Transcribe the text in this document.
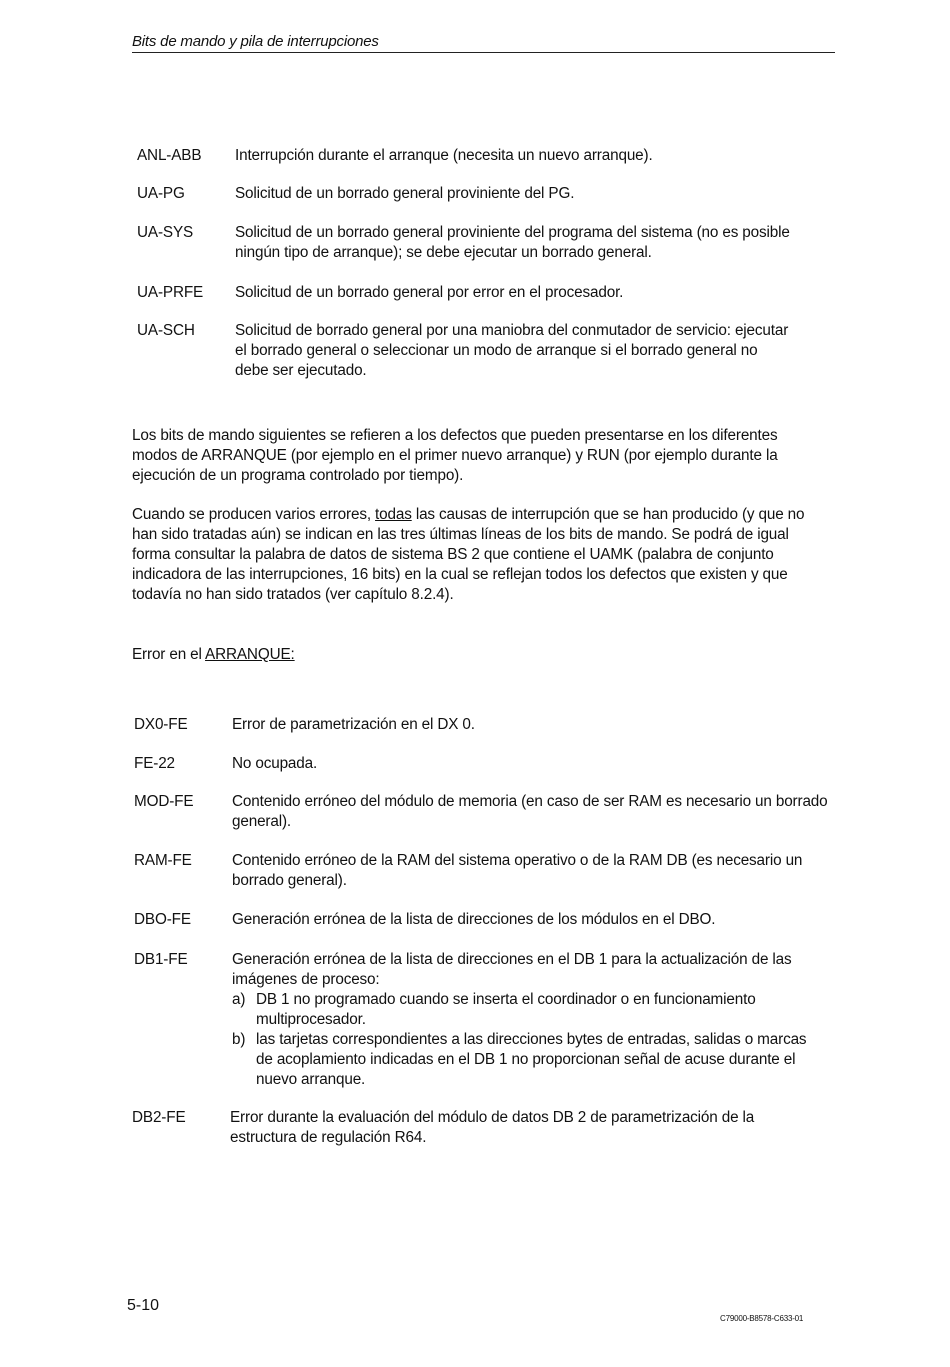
Bits de mando y pila de interrupciones
ANL-ABB Interrupción durante el arranque (necesita un nuevo arranque).
UA-PG	Solicitud de un borrado general proviniente del PG.
UA-SYS	Solicitud de un borrado general proviniente del programa del sistema (no es posible ningún tipo de arranque); se debe ejecutar un borrado general.
UA-PRFE Solicitud de un borrado general por error en el procesador.
UA-SCH	Solicitud de borrado general por una maniobra del conmutador de servicio: ejecutar el borrado general o seleccionar un modo de arranque si el borrado general no debe ser ejecutado.

Los bits de mando siguientes se refieren a los defectos que pueden presentarse en los diferentes modos de ARRANQUE (por ejemplo en el primer nuevo arranque) y RUN (por ejemplo durante la ejecución de un programa controlado por tiempo).

Cuando se producen varios errores, todas las causas de interrupción que se han producido (y que no han sido tratadas aún) se indican en las tres últimas líneas de los bits de mando. Se podrá de igual forma consultar la palabra de datos de sistema BS 2 que contiene el UAMK (palabra de conjunto indicadora de las interrupciones, 16 bits) en la cual se reflejan todos los defectos que existen y que todavía no han sido tratados (ver capítulo 8.2.4).

Error en el ARRANQUE:
DX0-FE	Error de parametrización en el DX 0.
FE-22	No ocupada.
MOD-FE	Contenido erróneo del módulo de memoria (en caso de ser RAM es necesario un borrado general).
RAM-FE	Contenido erróneo de la RAM del sistema operativo o de la RAM DB (es necesario un borrado general).
DBO-FE	Generación errónea de la lista de direcciones de los módulos en el DBO.
DB1-FE	Generación errónea de la lista de direcciones en el DB 1 para la actualización de las imágenes de proceso:
a) DB 1 no programado cuando se inserta el coordinador o en funcionamiento multiprocesador.
b) las tarjetas correspondientes a las direcciones bytes de entradas, salidas o marcas de acoplamiento indicadas en el DB 1 no proporcionan señal de acuse durante el nuevo arranque.
DB2-FE	Error durante la evaluación del módulo de datos DB 2 de parametrización de la estructura de regulación R64.
5-10
C79000-B8578-C633-01
